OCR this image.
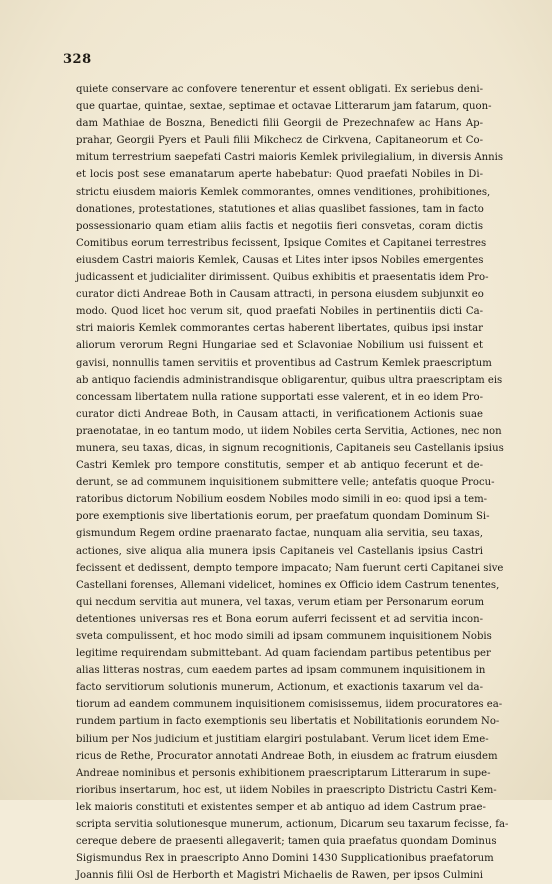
328
quiete conservare ac confovere tenerentur et essent obligati. Ex seriebus deni-
que quartae, quintae, sextae, septimae et octavae Litterarum jam fatarum, quon-
dam Mathiae de Boszna, Benedicti filii Georgii de Prezechnafew ac Hans Ap-
prahar, Georgii Pyers et Pauli filii Mikchecz de Cirkvena, Capitaneorum et Co-
mitum terrestrium saepefati Castri maioris Kemlek privilegialium, in diversis Annis
et locis post sese emanatarum aperte habebatur: Quod praefati Nobiles in Di-
strictu eiusdem maioris Kemlek commorantes, omnes venditiones, prohibitiones,
donationes, protestationes, statutiones et alias quaslibet fassiones, tam in facto
possessionario quam etiam aliis factis et negotiis fieri consvetas, coram dictis
Comitibus eorum terrestribus fecissent, Ipsique Comites et Capitanei terrestres
eiusdem Castri maioris Kemlek, Causas et Lites inter ipsos Nobiles emergentes
judicassent et judicialiter dirimissent. Quibus exhibitis et praesentatis idem Pro-
curator dicti Andreae Both in Causam attracti, in persona eiusdem subjunxit eo
modo. Quod licet hoc verum sit, quod praefati Nobiles in pertinentiis dicti Ca-
stri maioris Kemlek commorantes certas haberent libertates, quibus ipsi instar
aliorum verorum Regni Hungariae sed et Sclavoniae Nobilium usi fuissent et
gavisi, nonnullis tamen servitiis et proventibus ad Castrum Kemlek praescriptum
ab antiquo faciendis administrandisque obligarentur, quibus ultra praescriptam eis
concessam libertatem nulla ratione supportati esse valerent, et in eo idem Pro-
curator dicti Andreae Both, in Causam attacti, in verificationem Actionis suae
praenotatae, in eo tantum modo, ut iidem Nobiles certa Servitia, Actiones, nec non
munera, seu taxas, dicas, in signum recognitionis, Capitaneis seu Castellanis ipsius
Castri Kemlek pro tempore constitutis, semper et ab antiquo fecerunt et de-
derunt, se ad communem inquisitionem submittere velle; antefatis quoque Procu-
ratoribus dictorum Nobilium eosdem Nobiles modo simili in eo: quod ipsi a tem-
pore exemptionis sive libertationis eorum, per praefatum quondam Dominum Si-
gismundum Regem ordine praenarato factae, nunquam alia servitia, seu taxas,
actiones, sive aliqua alia munera ipsis Capitaneis vel Castellanis ipsius Castri
fecissent et dedissent, dempto tempore impacato; Nam fuerunt certi Capitanei sive
Castellani forenses, Allemani videlicet, homines ex Officio idem Castrum tenentes,
qui necdum servitia aut munera, vel taxas, verum etiam per Personarum eorum
detentiones universas res et Bona eorum auferri fecissent et ad servitia incon-
sveta compulissent, et hoc modo simili ad ipsam communem inquisitionem Nobis
legitime requirendam submittebant. Ad quam faciendam partibus petentibus per
alias litteras nostras, cum eaedem partes ad ipsam communem inquisitionem in
facto servitiorum solutionis munerum, Actionum, et exactionis taxarum vel da-
tiorum ad eandem communem inquisitionem comisissemus, iidem procuratores ea-
rundem partium in facto exemptionis seu libertatis et Nobilitationis eorundem No-
bilium per Nos judicium et justitiam elargiri postulabant. Verum licet idem Eme-
ricus de Rethe, Procurator annotati Andreae Both, in eiusdem ac fratrum eiusdem
Andreae nominibus et personis exhibitionem praescriptarum Litterarum in supe-
rioribus insertarum, hoc est, ut iidem Nobiles in praescripto Districtu Castri Kem-
lek maioris constituti et existentes semper et ab antiquo ad idem Castrum prae-
scripta servitia solutionesque munerum, actionum, Dicarum seu taxarum fecisse, fa-
cereque debere de praesenti allegaverit; tamen quia praefatus quondam Dominus
Sigismundus Rex in praescripto Anno Domini 1430 Supplicationibus praefatorum
Joannis filii Osl de Herborth et Magistri Michaelis de Rawen, per ipsos Culmini
